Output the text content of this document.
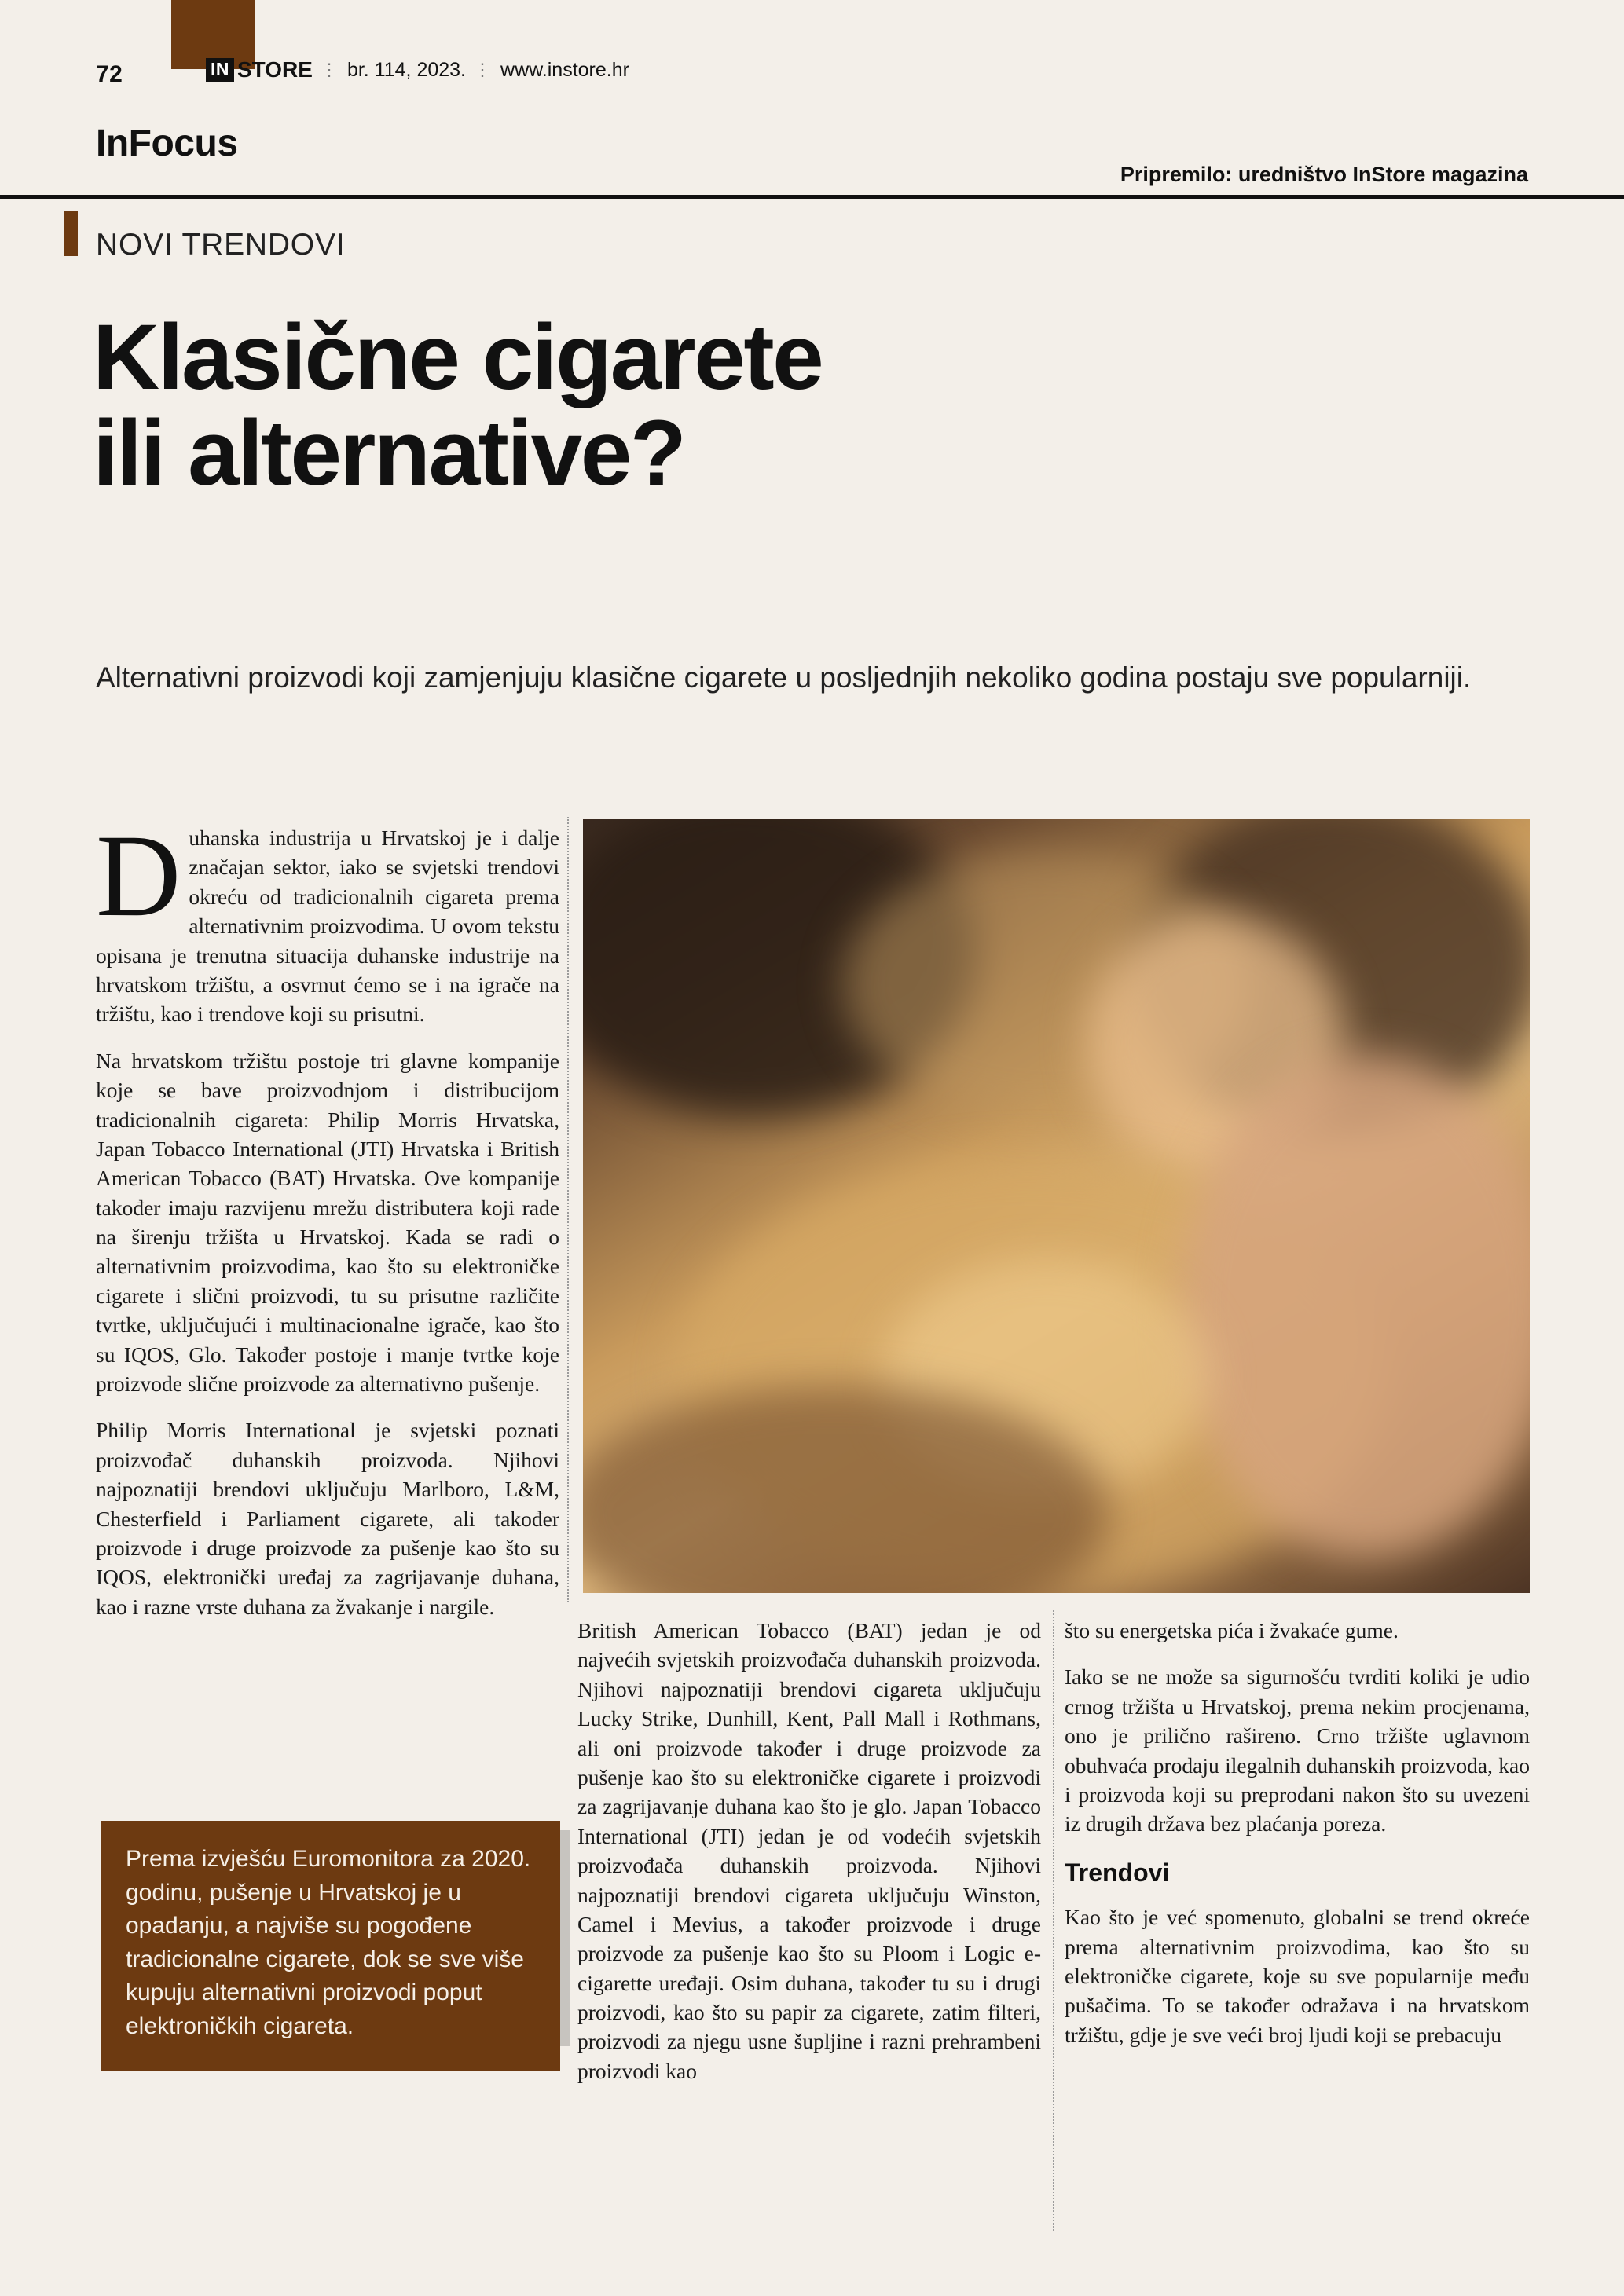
72	IN STORE ⋮ br. 114, 2023. ⋮ www.instore.hr
InFocus
Pripremilo: uredništvo InStore magazina
NOVI TRENDOVI
Klasične cigarete
ili alternative?
Alternativni proizvodi koji zamjenjuju klasične cigarete u posljednjih nekoliko godina postaju sve popularniji.

D uhanska industrija u Hrvatskoj je i dalje značajan sektor, iako se svjetski trendovi okreću od tradicionalnih cigareta prema alternativnim proizvodima. U ovom tekstu opisana je trenutna situacija duhanske industrije na hrvatskom tržištu, a osvrnut ćemo se i na igrače na tržištu, kao i trendove koji su prisutni.

Na hrvatskom tržištu postoje tri glavne kompanije koje se bave proizvodnjom i distribucijom tradicionalnih cigareta: Philip Morris Hrvatska, Japan Tobacco International (JTI) Hrvatska i British American Tobacco (BAT) Hrvatska. Ove kompanije također imaju razvijenu mrežu distributera koji rade na širenju tržišta u Hrvatskoj. Kada se radi o alternativnim proizvodima, kao što su elektroničke cigarete i slični proizvodi, tu su prisutne različite tvrtke, uključujući i multinacionalne igrače, kao što su IQOS, Glo. Također postoje i manje tvrtke koje proizvode slične proizvode za alternativno pušenje.

Philip Morris International je svjetski poznati proizvođač duhanskih proizvoda. Njihovi najpoznatiji brendovi uključuju Marlboro, L&M, Chesterfield i Parliament cigarete, ali također proizvode i druge proizvode za pušenje kao što su IQOS, elektronički uređaj za zagrijavanje duhana, kao i razne vrste duhana za žvakanje i nargile.

Prema izvješću Euromonitora za 2020. godinu, pušenje u Hrvatskoj je u opadanju, a najviše su pogođene tradicionalne cigarete, dok se sve više kupuju alternativni proizvodi poput elektroničkih cigareta.

British American Tobacco (BAT) jedan je od najvećih svjetskih proizvođača duhanskih proizvoda. Njihovi najpoznatiji brendovi cigareta uključuju Lucky Strike, Dunhill, Kent, Pall Mall i Rothmans, ali oni proizvode također i druge proizvode za pušenje kao što su elektroničke cigarete i proizvodi za zagrijavanje duhana kao što je glo. Japan Tobacco International (JTI) jedan je od vodećih svjetskih proizvođača duhanskih proizvoda. Njihovi najpoznatiji brendovi cigareta uključuju Winston, Camel i Mevius, a također proizvode i druge proizvode za pušenje kao što su Ploom i Logic e-cigarette uređaji. Osim duhana, također tu su i drugi proizvodi, kao što su papir za cigarete, zatim filteri, proizvodi za njegu usne šupljine i razni prehrambeni proizvodi kao

što su energetska pića i žvakaće gume.

Iako se ne može sa sigurnošću tvrditi koliki je udio crnog tržišta u Hrvatskoj, prema nekim procjenama, ono je prilično rašireno. Crno tržište uglavnom obuhvaća prodaju ilegalnih duhanskih proizvoda, kao i proizvoda koji su preprodani nakon što su uvezeni iz drugih država bez plaćanja poreza.

Trendovi

Kao što je već spomenuto, globalni se trend okreće prema alternativnim proizvodima, kao što su elektroničke cigarete, koje su sve popularnije među pušačima. To se također odražava i na hrvatskom tržištu, gdje je sve veći broj ljudi koji se prebacuju
